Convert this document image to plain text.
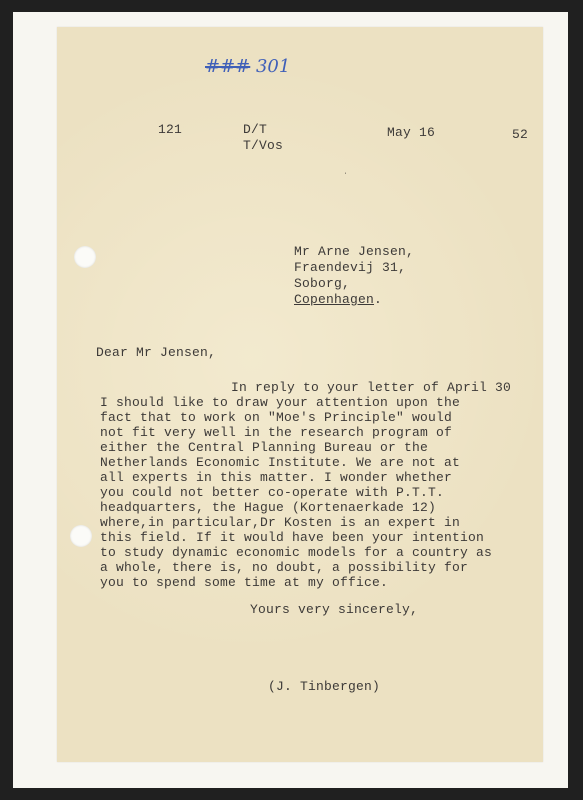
### 301
121	D/T
T/Vos
May 16	52
ˈ
Mr Arne Jensen,
Fraendevij 31,
Soborg,
Copenhagen.
Dear Mr Jensen,

In reply to your letter of April 30

I should like to draw your attention upon the

fact that to work on "Moe's Principle" would

not fit very well in the research program of

either the Central Planning Bureau or the

Netherlands Economic Institute. We are not at

all experts in this matter. I wonder whether

you could not better co-operate with P.T.T.

headquarters, the Hague (Kortenaerkade 12)

where,in particular,Dr Kosten is an expert in

this field. If it would have been your intention

to study dynamic economic models for a country as

a whole, there is, no doubt, a possibility for

you to spend some time at my office.

Yours very sincerely,
(J. Tinbergen)
